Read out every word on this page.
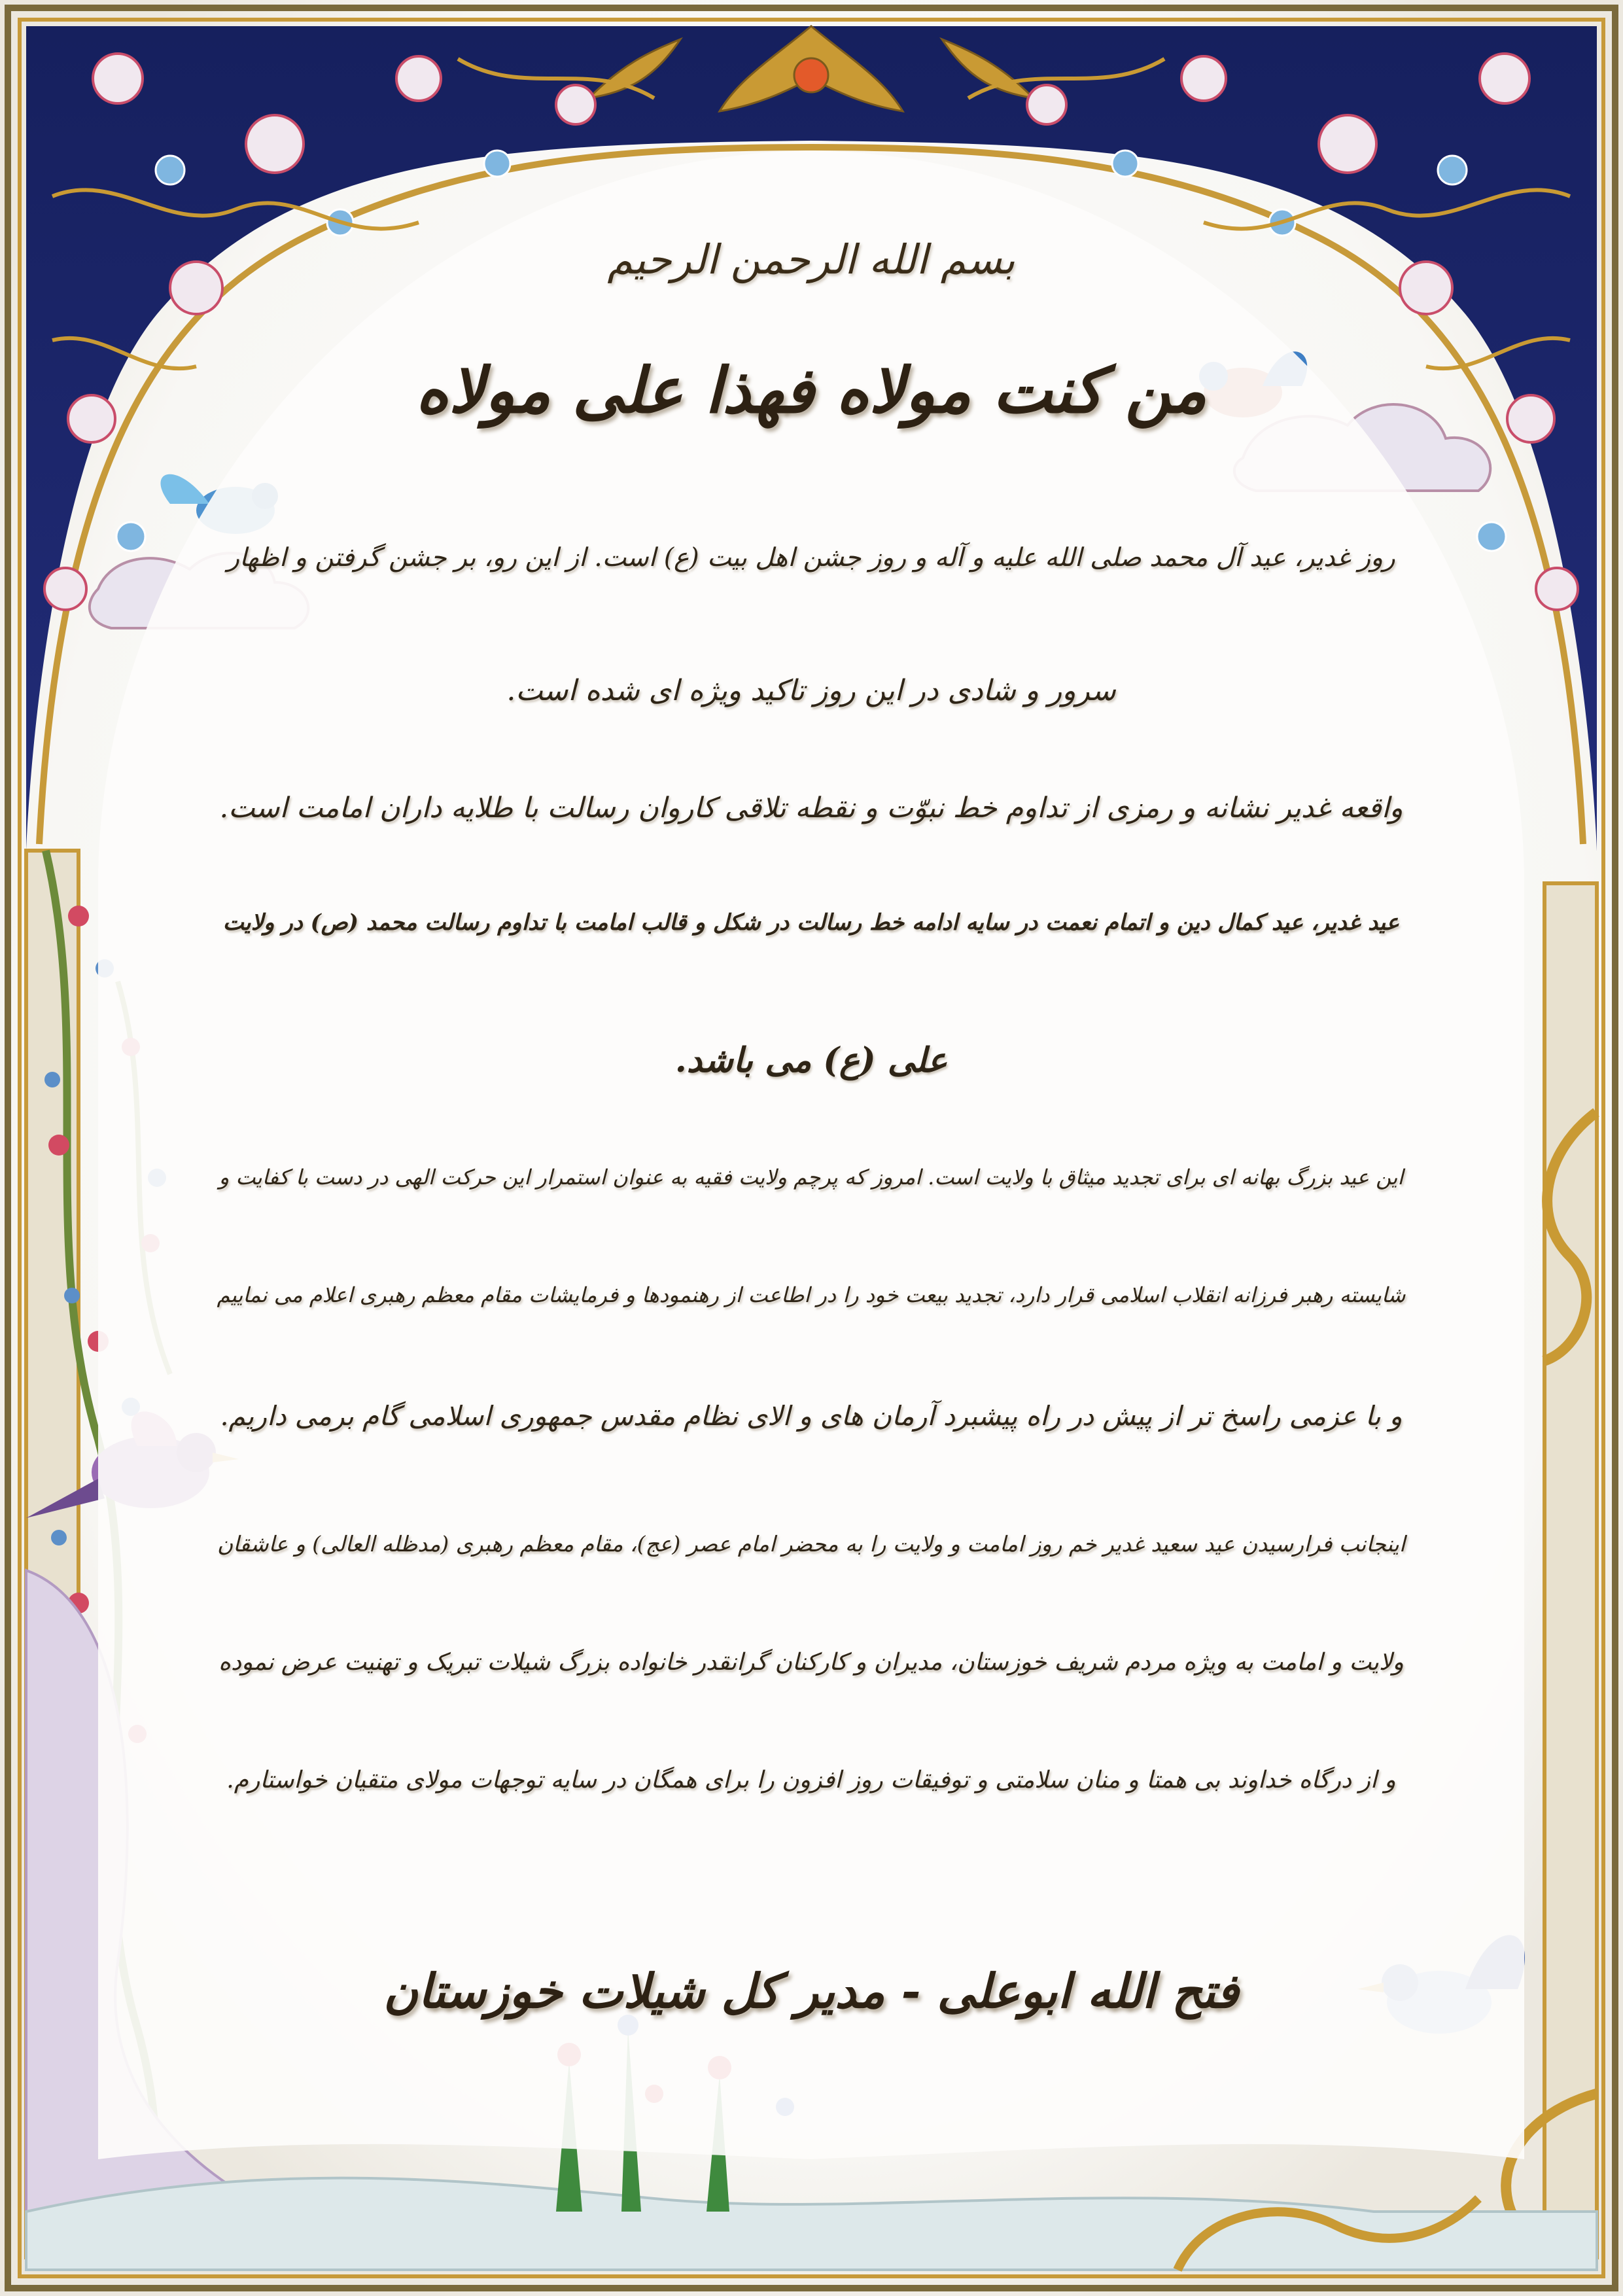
بسم الله الرحمن الرحیم
من کنت مولاه فهذا علی مولاه
روز غدیر، عید آل محمد صلی الله علیه و آله و روز جشن اهل بیت (ع) است. از این رو، بر جشن گرفتن و اظهار
سرور و شادی در این روز تاکید ویژه ای شده است.
واقعه غدیر نشانه و رمزی از تداوم خط نبوّت و نقطه تلاقی کاروان رسالت با طلایه داران امامت است.
عید غدیر، عید کمال دین و اتمام نعمت در سایه ادامه خط رسالت در شکل و قالب امامت با تداوم رسالت محمد (ص) در ولایت
علی (ع) می باشد.
این عید بزرگ بهانه ای برای تجدید میثاق با ولایت است. امروز که پرچم ولایت فقیه به عنوان استمرار این حرکت الهی در دست با کفایت و
شایسته رهبر فرزانه انقلاب اسلامی قرار دارد، تجدید بیعت خود را در اطاعت از رهنمودها و فرمایشات مقام معظم رهبری اعلام می نماییم
و با عزمی راسخ تر از پیش در راه پیشبرد آرمان های و الای نظام مقدس جمهوری اسلامی گام برمی داریم.
اینجانب فرارسیدن عید سعید غدیر خم روز امامت و ولایت را به محضر امام عصر (عج)، مقام معظم رهبری (مدظله العالی) و عاشقان
ولایت و امامت به ویژه مردم شریف خوزستان، مدیران و کارکنان گرانقدر خانواده بزرگ شیلات تبریک و تهنیت عرض نموده
و از درگاه خداوند بی همتا و منان سلامتی و توفیقات روز افزون را برای همگان در سایه توجهات مولای متقیان خواستارم.
فتح الله ابوعلی - مدیر کل شیلات خوزستان
